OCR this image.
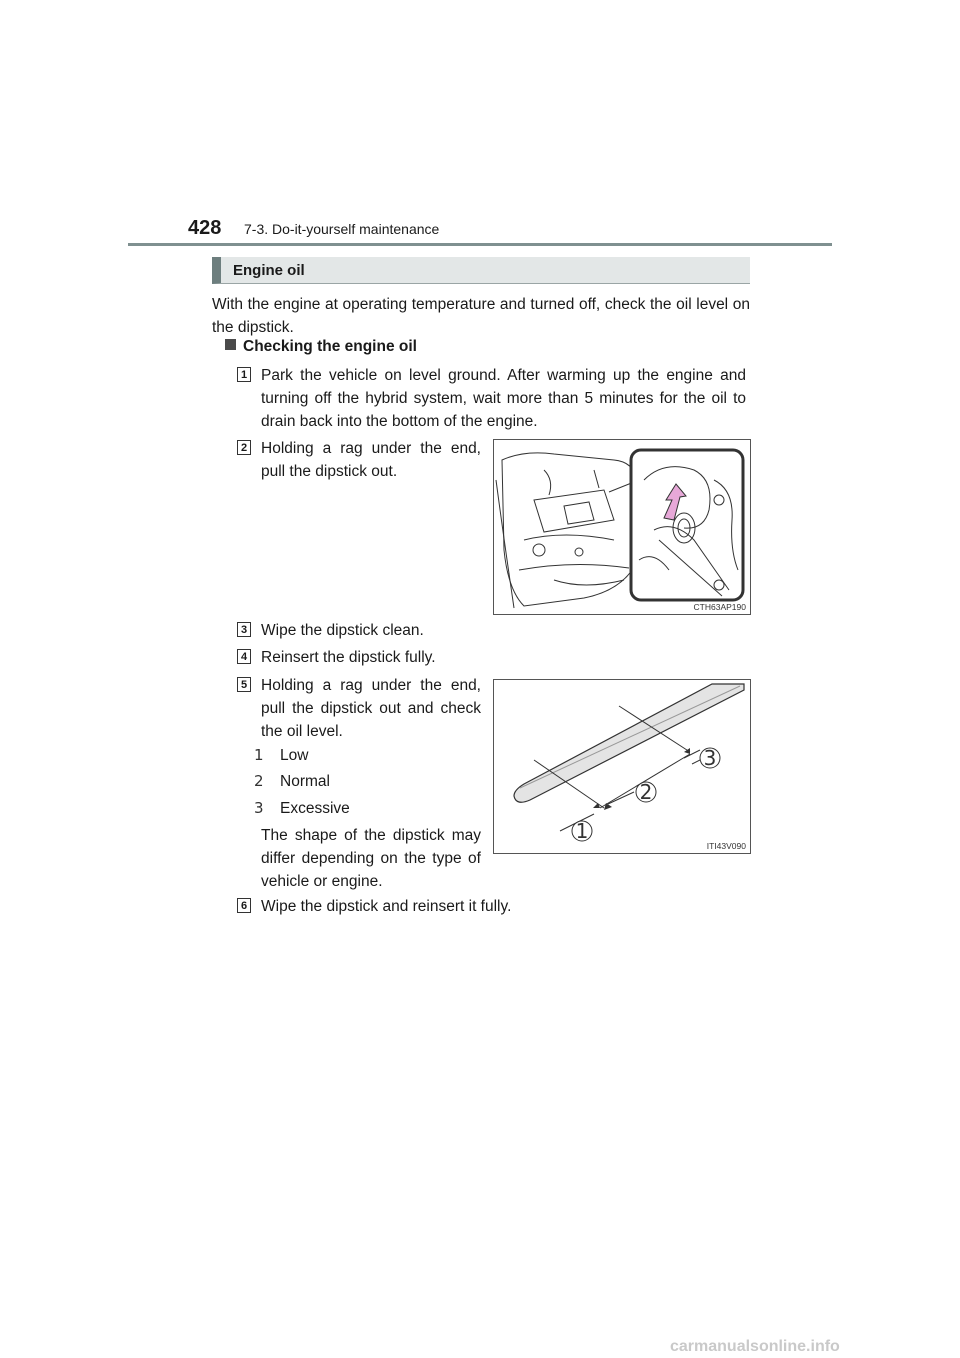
428 7-3. Do-it-yourself maintenance
Engine oil
With the engine at operating temperature and turned off, check the oil level on the dipstick.
Checking the engine oil
1 Park the vehicle on level ground. After warming up the engine and turning off the hybrid system, wait more than 5 minutes for the oil to drain back into the bottom of the engine.
2 Holding a rag under the end, pull the dipstick out.
CTH63AP190
3 Wipe the dipstick clean.
4 Reinsert the dipstick fully.
5 Holding a rag under the end, pull the dipstick out and check the oil level.
1 Low
2 Normal
3 Excessive
The shape of the dipstick may differ depending on the type of vehicle or engine.
1
2
3
ITI43V090
6 Wipe the dipstick and reinsert it fully.
carmanualsonline.info
